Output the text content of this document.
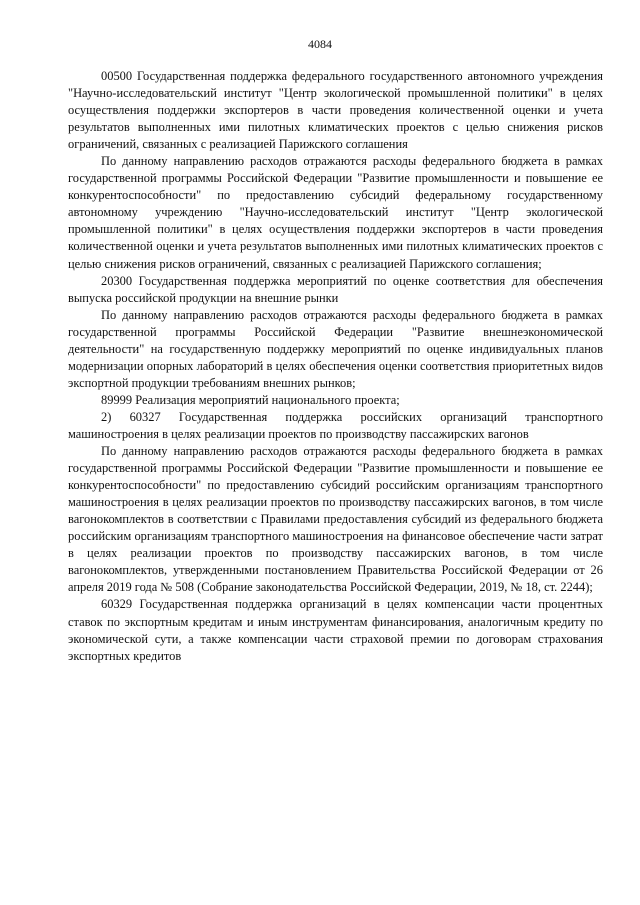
4084

00500 Государственная поддержка федерального государственного автономного учреждения "Научно-исследовательский институт "Центр экологической промышленной политики" в целях осуществления поддержки экспортеров в части проведения количественной оценки и учета результатов выполненных ими пилотных климатических проектов с целью снижения рисков ограничений, связанных с реализацией Парижского соглашения

По данному направлению расходов отражаются расходы федерального бюджета в рамках государственной программы Российской Федерации "Развитие промышленности и повышение ее конкурентоспособности" по предоставлению субсидий федеральному государственному автономному учреждению "Научно-исследовательский институт "Центр экологической промышленной политики" в целях осуществления поддержки экспортеров в части проведения количественной оценки и учета результатов выполненных ими пилотных климатических проектов с целью снижения рисков ограничений, связанных с реализацией Парижского соглашения;

20300 Государственная поддержка мероприятий по оценке соответствия для обеспечения выпуска российской продукции на внешние рынки

По данному направлению расходов отражаются расходы федерального бюджета в рамках государственной программы Российской Федерации "Развитие внешнеэкономической деятельности" на государственную поддержку мероприятий по оценке индивидуальных планов модернизации опорных лабораторий в целях обеспечения оценки соответствия приоритетных видов экспортной продукции требованиям внешних рынков;

89999 Реализация мероприятий национального проекта;

2) 60327 Государственная поддержка российских организаций транспортного машиностроения в целях реализации проектов по производству пассажирских вагонов

По данному направлению расходов отражаются расходы федерального бюджета в рамках государственной программы Российской Федерации "Развитие промышленности и повышение ее конкурентоспособности" по предоставлению субсидий российским организациям транспортного машиностроения в целях реализации проектов по производству пассажирских вагонов, в том числе вагонокомплектов в соответствии с Правилами предоставления субсидий из федерального бюджета российским организациям транспортного машиностроения на финансовое обеспечение части затрат в целях реализации проектов по производству пассажирских вагонов, в том числе вагонокомплектов, утвержденными постановлением Правительства Российской Федерации от 26 апреля 2019 года № 508 (Собрание законодательства Российской Федерации, 2019, № 18, ст. 2244);

60329 Государственная поддержка организаций в целях компенсации части процентных ставок по экспортным кредитам и иным инструментам финансирования, аналогичным кредиту по экономической сути, а также компенсации части страховой премии по договорам страхования экспортных кредитов
